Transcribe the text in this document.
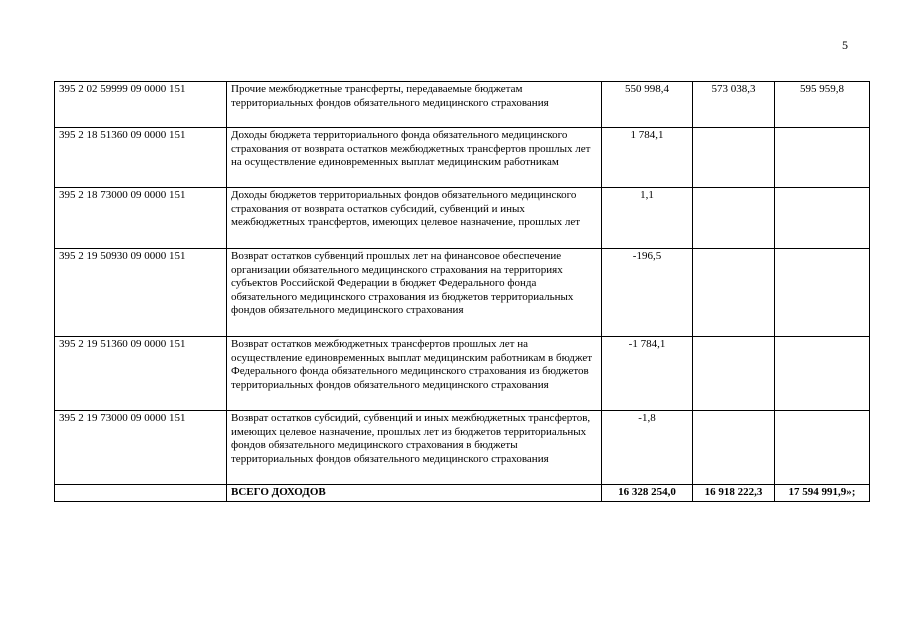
5
395 2 02 59999 09 0000 151	Прочие межбюджетные трансферты, передаваемые бюджетам территориальных фондов обязательного медицинского страхования	550 998,4	573 038,3	595 959,8
395 2 18 51360 09 0000 151	Доходы бюджета территориального фонда обязательного медицинского страхования от возврата остатков межбюджетных трансфертов прошлых лет на осуществление единовременных выплат медицинским работникам	1 784,1		
395 2 18 73000 09 0000 151	Доходы бюджетов территориальных фондов обязательного медицинского страхования от возврата остатков субсидий, субвенций и иных межбюджетных трансфертов, имеющих целевое назначение, прошлых лет	1,1		
395 2 19 50930 09 0000 151	Возврат остатков субвенций прошлых лет на финансовое обеспечение организации обязательного медицинского страхования на территориях субъектов Российской Федерации в бюджет Федерального фонда обязательного медицинского страхования из бюджетов территориальных фондов обязательного медицинского страхования	-196,5		
395 2 19 51360 09 0000 151	Возврат остатков межбюджетных трансфертов прошлых лет на осуществление единовременных выплат медицинским работникам в бюджет Федерального фонда обязательного медицинского страхования из бюджетов территориальных фондов обязательного медицинского страхования	-1 784,1		
395 2 19 73000 09 0000 151	Возврат остатков субсидий, субвенций и иных межбюджетных трансфертов, имеющих целевое назначение, прошлых лет из бюджетов территориальных фондов обязательного медицинского страхования в бюджеты территориальных фондов обязательного медицинского страхования	-1,8		
	ВСЕГО ДОХОДОВ	16 328 254,0	16 918 222,3	17 594 991,9»;
